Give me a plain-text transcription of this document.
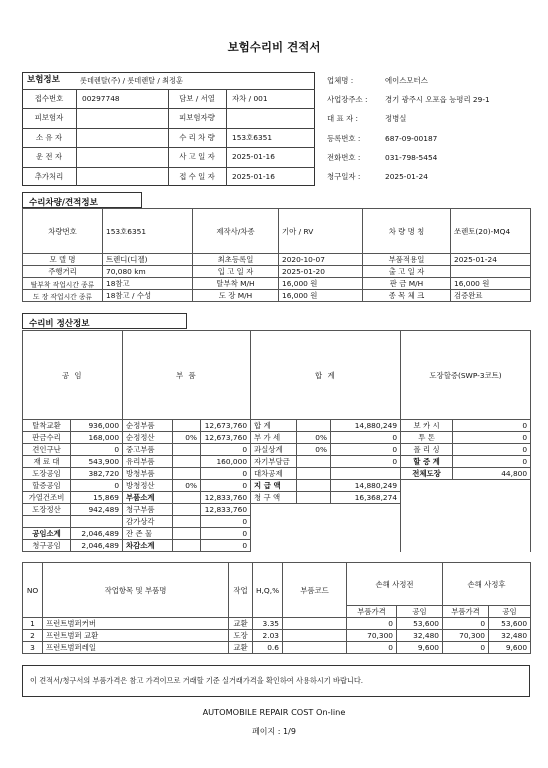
보험수리비 견적서
보험정보	롯데렌탈(주) / 롯데렌탈 / 최정훈
접수번호	00297748	담보 / 서열	자차 / 001
피보험자	피보험자량
소 유 자	수 리 차 량	153호6351
운 전 자	사 고 일 자	2025-01-16
추가처리	접 수 일 자	2025-01-16
업체명 :	에이스모터스
사업장주소 : 경기 광주시 오포읍 능평리 29-1
대 표 자 :	정병실
등록번호 :	687-09-00187
전화번호 :	031-798-5454
청구일자 :	2025-01-24
수리차량/견적정보
차량번호	153호6351	제작사/차종	기아 / RV	차 량 명 칭	쏘렌토(20)-MQ4
모 델 명	트렌디(디젤)	최초등록일	2020-10-07	부품적용일	2025-01-24
주행거리	70,080 km	입 고 일 자	2025-01-20	출 고 일 자	
탈부착 작업시간 종류	18참고	탈부착 M/H	16,000 원	판 금 M/H	16,000 원
도 장 작업시간 종류	18참고 / 수성	도 장 M/H	16,000 원	종 목 체 크	검증완료
수리비 정산정보
공 임		부 품			합 계			도장할증(SWP-3코트)	
탈착교환	936,000	순정부품		12,673,760	합 계		14,880,249	보 카 시	0
판금수리	168,000	순정정산	0%	12,673,760	부 가 세	0%	0	투 톤	0
견인구난	0	중고부품		0	과실상계	0%	0	폴 리 싱	0
재 료 대	543,900	유리부품		160,000	자기부담금		0	할 증 계	0
도장공임	382,720	방청부품		0	대차공제			전체도장	44,800
할증공임	0	방청정산	0%	0	지 급 액		14,880,249		
가열건조비	15,869	부품소계		12,833,760	청 구 액		16,368,274		
도장정산	942,489	청구부품		12,833,760					
		감가상각		0					
공임소계	2,046,489	잔 존 물		0					
청구공임	2,046,489	차감소계		0					
NO	작업항목 및 부품명	작업	H,Q,%	부품코드	손해 사정전		손해 사정후	
					부품가격	공임	부품가격	공임
1	프런트범퍼커버	교환	3.35		0	53,600	0	53,600
2	프런트범퍼 교환	도장	2.03		70,300	32,480	70,300	32,480
3	프런트범퍼레일	교환	0.6		0	9,600	0	9,600
이 견적서/청구서의 부품가격은 참고 가격이므로 거래할 기준 실거래가격을 확인하여 사용하시기 바랍니다.
AUTOMOBILE REPAIR COST On-line
페이지 : 1/9
